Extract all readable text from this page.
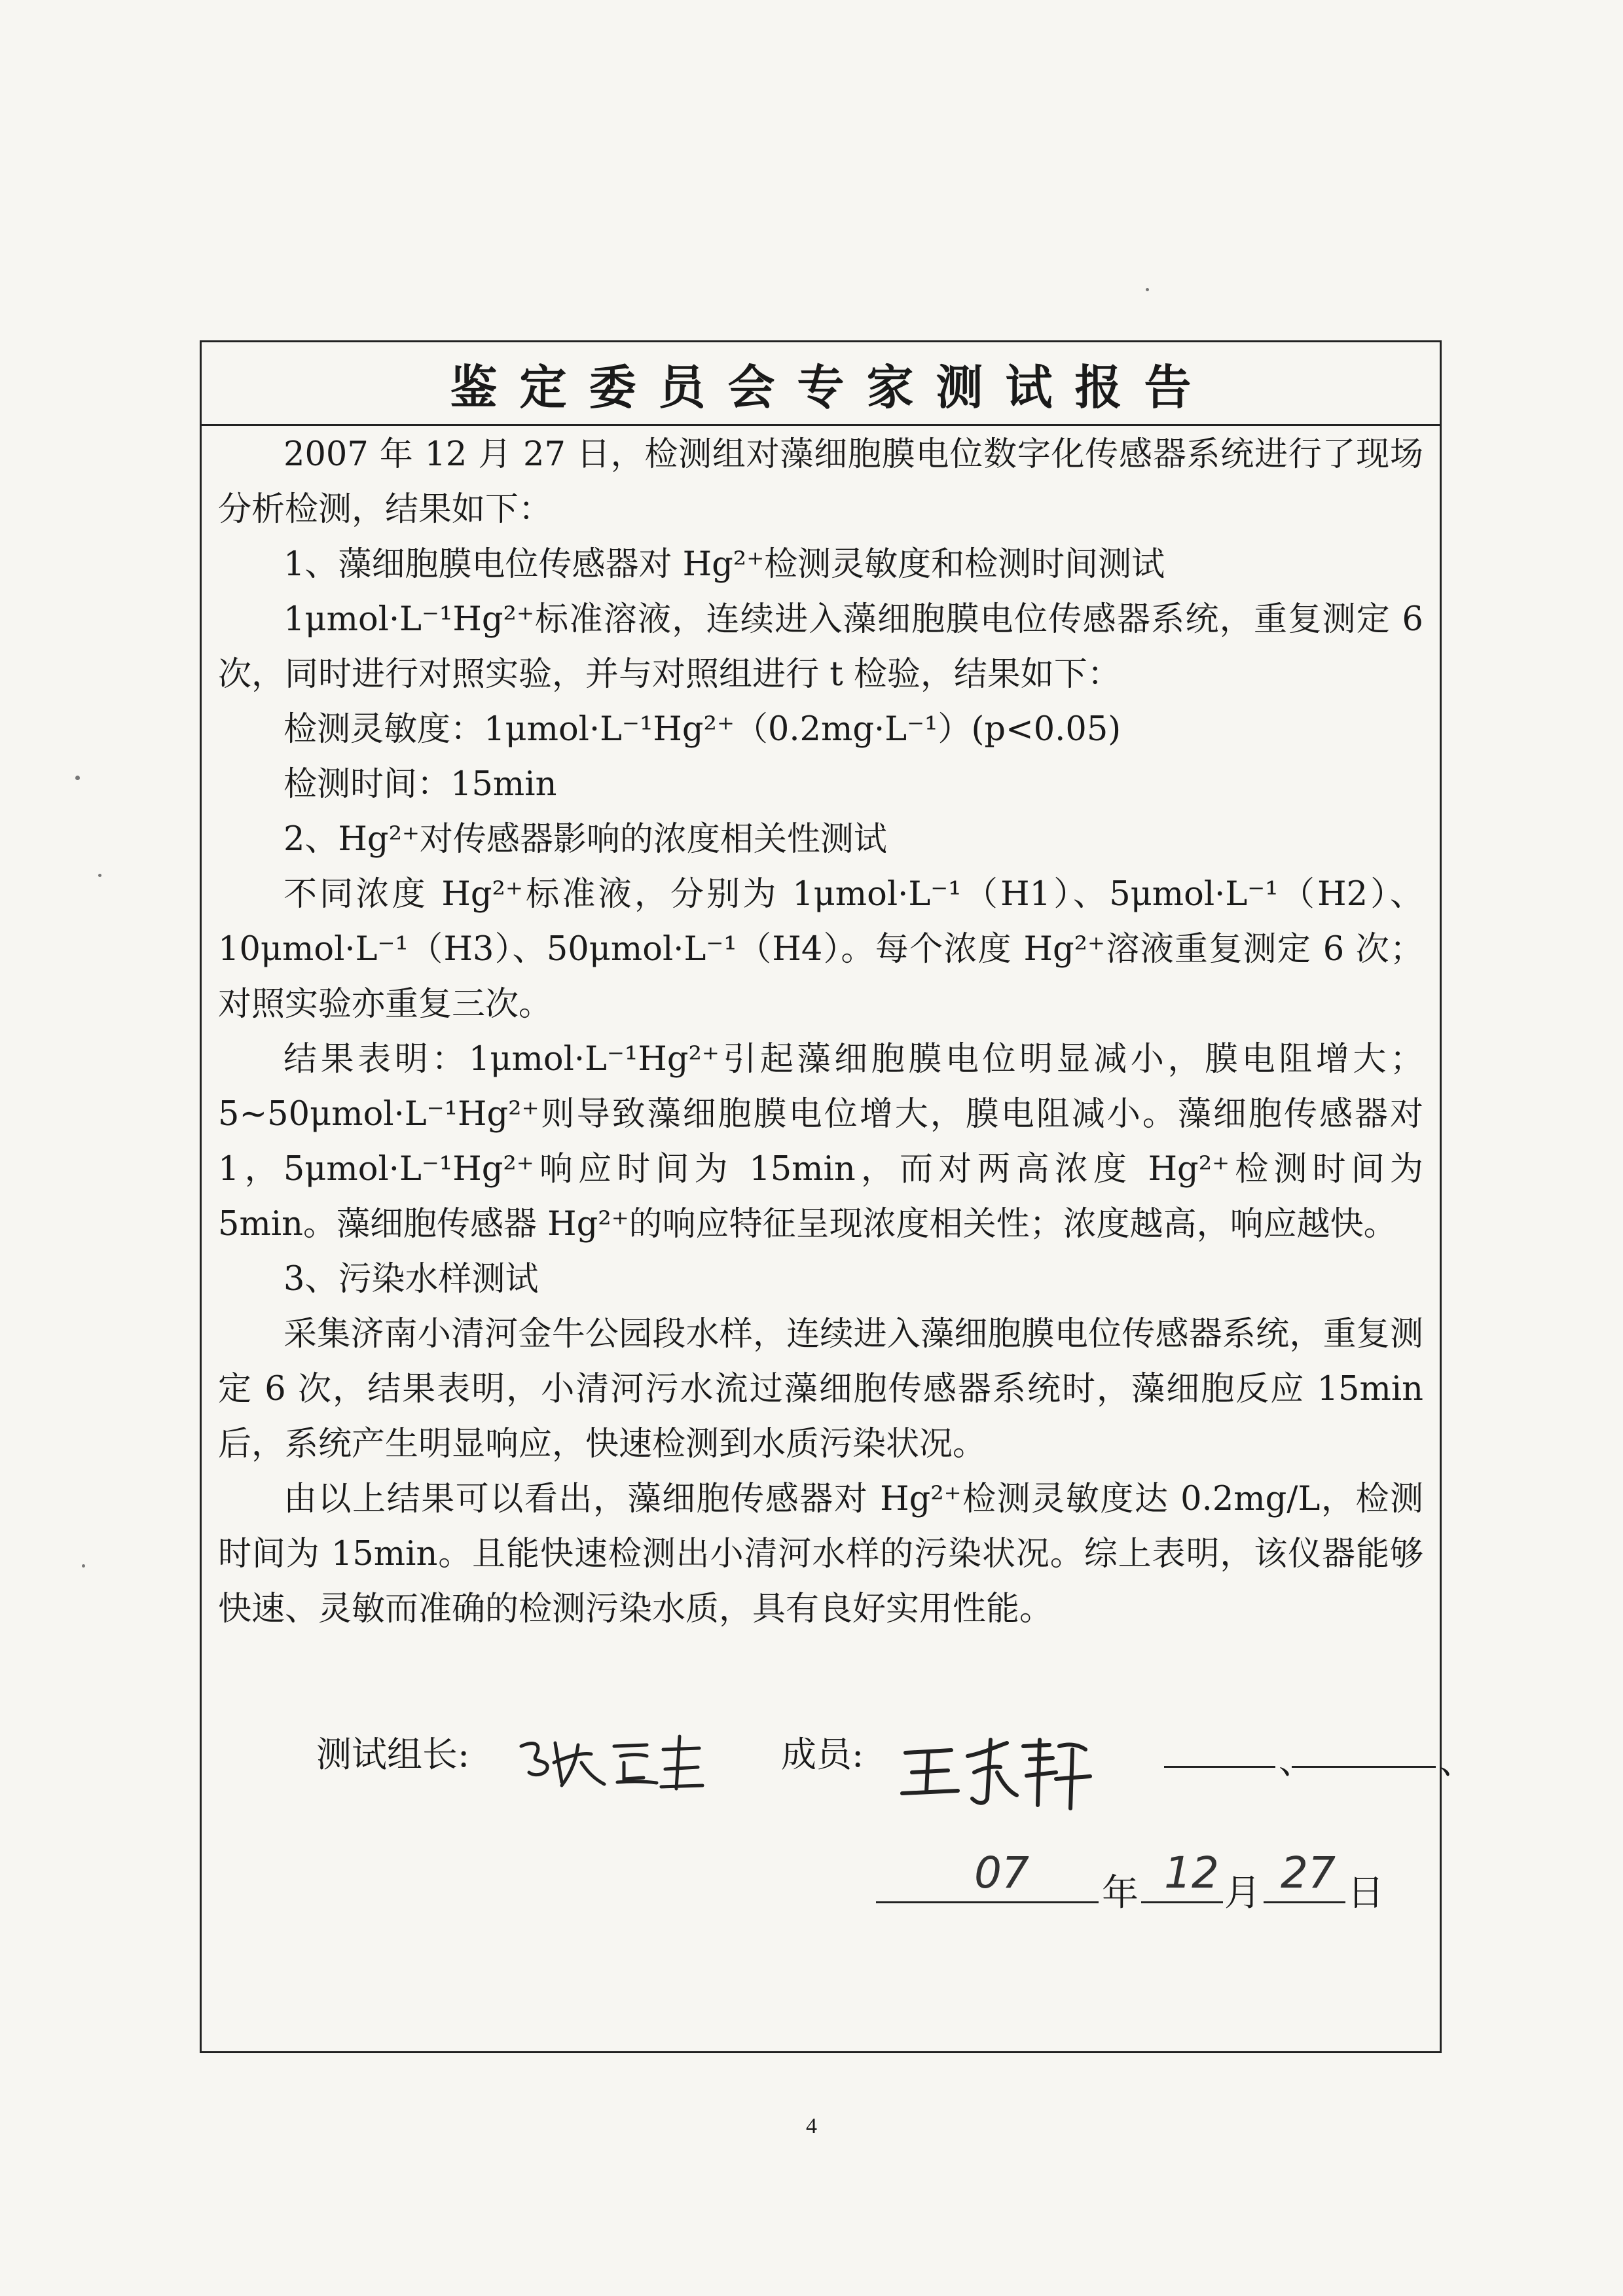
鉴定委员会专家测试报告

2007 年 12 月 27 日，检测组对藻细胞膜电位数字化传感器系统进行了现场分析检测，结果如下：

1、藻细胞膜电位传感器对 Hg²⁺检测灵敏度和检测时间测试

1μmol·L⁻¹Hg²⁺标准溶液，连续进入藻细胞膜电位传感器系统，重复测定 6 次，同时进行对照实验，并与对照组进行 t 检验，结果如下：

检测灵敏度：1μmol·L⁻¹Hg²⁺（0.2mg·L⁻¹）(p<0.05)

检测时间：15min

2、Hg²⁺对传感器影响的浓度相关性测试

不同浓度 Hg²⁺标准液，分别为 1μmol·L⁻¹（H1）、5μmol·L⁻¹（H2）、10μmol·L⁻¹（H3）、50μmol·L⁻¹（H4）。每个浓度 Hg²⁺溶液重复测定 6 次；对照实验亦重复三次。

结果表明：1μmol·L⁻¹Hg²⁺引起藻细胞膜电位明显减小，膜电阻增大；5~50μmol·L⁻¹Hg²⁺则导致藻细胞膜电位增大，膜电阻减小。藻细胞传感器对 1，5μmol·L⁻¹Hg²⁺响应时间为 15min，而对两高浓度 Hg²⁺检测时间为 5min。藻细胞传感器 Hg²⁺的响应特征呈现浓度相关性；浓度越高，响应越快。

3、污染水样测试

采集济南小清河金牛公园段水样，连续进入藻细胞膜电位传感器系统，重复测定 6 次，结果表明，小清河污水流过藻细胞传感器系统时，藻细胞反应 15min 后，系统产生明显响应，快速检测到水质污染状况。

由以上结果可以看出，藻细胞传感器对 Hg²⁺检测灵敏度达 0.2mg/L，检测时间为 15min。且能快速检测出小清河水样的污染状况。综上表明，该仪器能够快速、灵敏而准确的检测污染水质，具有良好实用性能。

测试组长:	成员:	、	、
07 年 12 月 27 日
4
